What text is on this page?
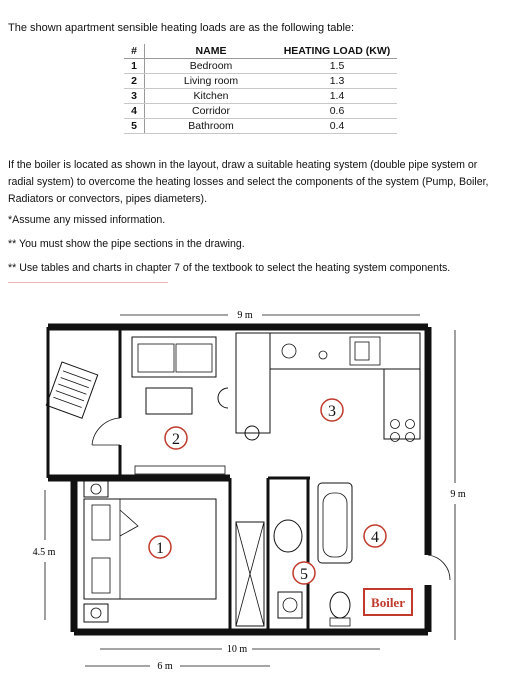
The shown apartment sensible heating loads are as the following table:
#	NAME	HEATING LOAD (KW)
1	Bedroom	1.5
2	Living room	1.3
3	Kitchen	1.4
4	Corridor	0.6
5	Bathroom	0.4
If the boiler is located as shown in the layout, draw a suitable heating system (double pipe system or radial system) to overcome the heating losses and select the components of the system (Pump, Boiler, Radiators or convectors, pipes diameters).
*Assume any missed information.
** You must show the pipe sections in the drawing.
** Use tables and charts in chapter 7 of the textbook to select the heating system components.
9 m
9 m
4.5 m
10 m
6 m
2
3
1
4
5
Boiler
